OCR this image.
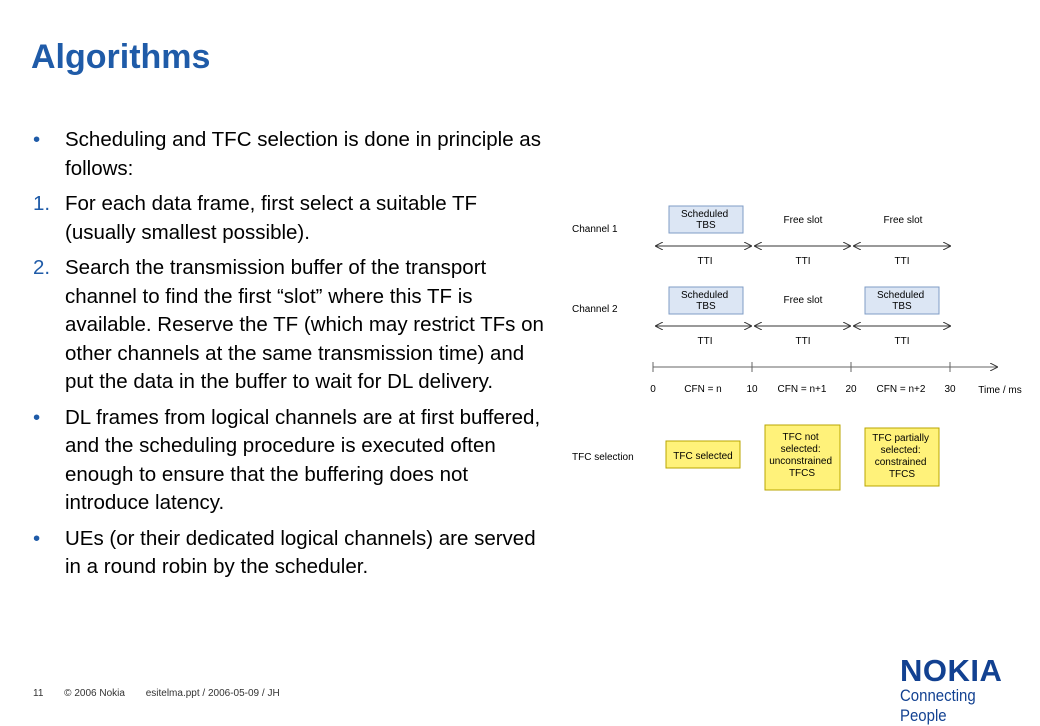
Algorithms
• Scheduling and TFC selection is done in principle as follows:
1. For each data frame, first select a suitable TF (usually smallest possible).
2. Search the transmission buffer of the transport channel to find the first “slot” where this TF is available. Reserve the TF (which may restrict TFs on other channels at the same transmission time) and put the data in the buffer to wait for DL delivery.
• DL frames from logical channels are at first buffered, and the scheduling procedure is executed often enough to ensure that the buffering does not introduce latency.
• UEs (or their dedicated logical channels) are served in a round robin by the scheduler.
Channel 1
Scheduled TBS	Free slot	Free slot
TTI	TTI	TTI
Channel 2
Scheduled TBS
Free slot	Scheduled TBS
TTI	TTI	TTI
0	10	20	30
CFN = n	CFN = n+1	CFN = n+2	Time / ms
TFC selection	TFC selected
TFC not selected: unconstrained TFCS
TFC partially selected: constrained TFCS
11 © 2006 Nokia esitelma.ppt / 2006-05-09 / JH
NOKIA
Connecting People
